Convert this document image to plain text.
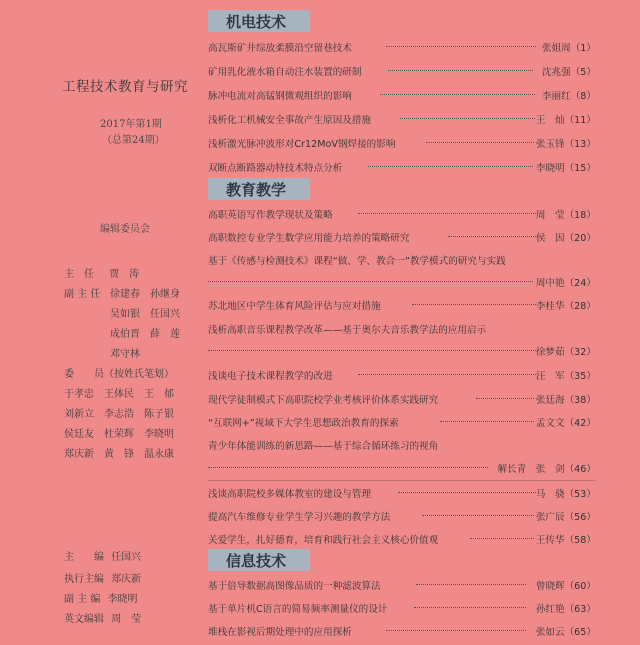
工程技术教育与研究
2017年第1期
（总第24期）
编辑委员会
主　任 贾　涛
副 主 任 徐建春　孙继身
吴如银　任国兴
成伯晋　薛　莲
邓守林
委　　员（按姓氏笔划）
于孝忠　王体民　王　郁
刘新立　李志浩　陈子银
侯廷友　杜荣辉　李晓明
郑庆新　黄　锋　温永康
主　　编 任国兴
执行主编 郑庆新
副 主 编 李晓明
英文编辑 周　莹
机电技术
高瓦斯矿井综放柔膜沿空留巷技术	张姐周（1）
矿用乳化液水箱自动注水装置的研制	沈兆强（5）
脉冲电流对高锰钢微观组织的影响	李丽红（8）
浅析化工机械安全事故产生原因及措施	王　灿（11）
浅析激光脉冲波形对Cr12MoV钢焊接的影响	张玉锋（13）
双断点断路器动特技术特点分析	李晓明（15）
教育教学
高职英语写作教学现状及策略	周　莹（18）
高职数控专业学生数学应用能力培养的策略研究	侯　因（20）
基于《传感与检测技术》课程“做、学、教合一”教学模式的研究与实践
周中艳（24）
苏北地区中学生体育风险评估与应对措施	李桂华（28）
浅析高职音乐课程教学改革——基于奥尔夫音乐教学法的应用启示
徐梦茹（32）
浅谈电子技术课程教学的改进	汪　军（35）
现代学徒制模式下高职院校学业考核评价体系实践研究	张廷海（38）
“互联网+”视域下大学生思想政治教育的探索	孟文文（42）
青少年体能训练的新思路——基于综合循环练习的视角
解长青　张　剑（46）
浅谈高职院校多媒体教室的建设与管理	马　骁（53）
提高汽车维修专业学生学习兴趣的教学方法	张广辰（56）
关爱学生，扎好德育，培育和践行社会主义核心价值观	王传华（58）
信息技术
基于倍导数据高图像品质的一种滤波算法	曾晓辉（60）
基于单片机C语言的简易频率测量仪的设计	孙红艳（63）
堆栈在影视后期处理中的应用探析	张如云（65）
